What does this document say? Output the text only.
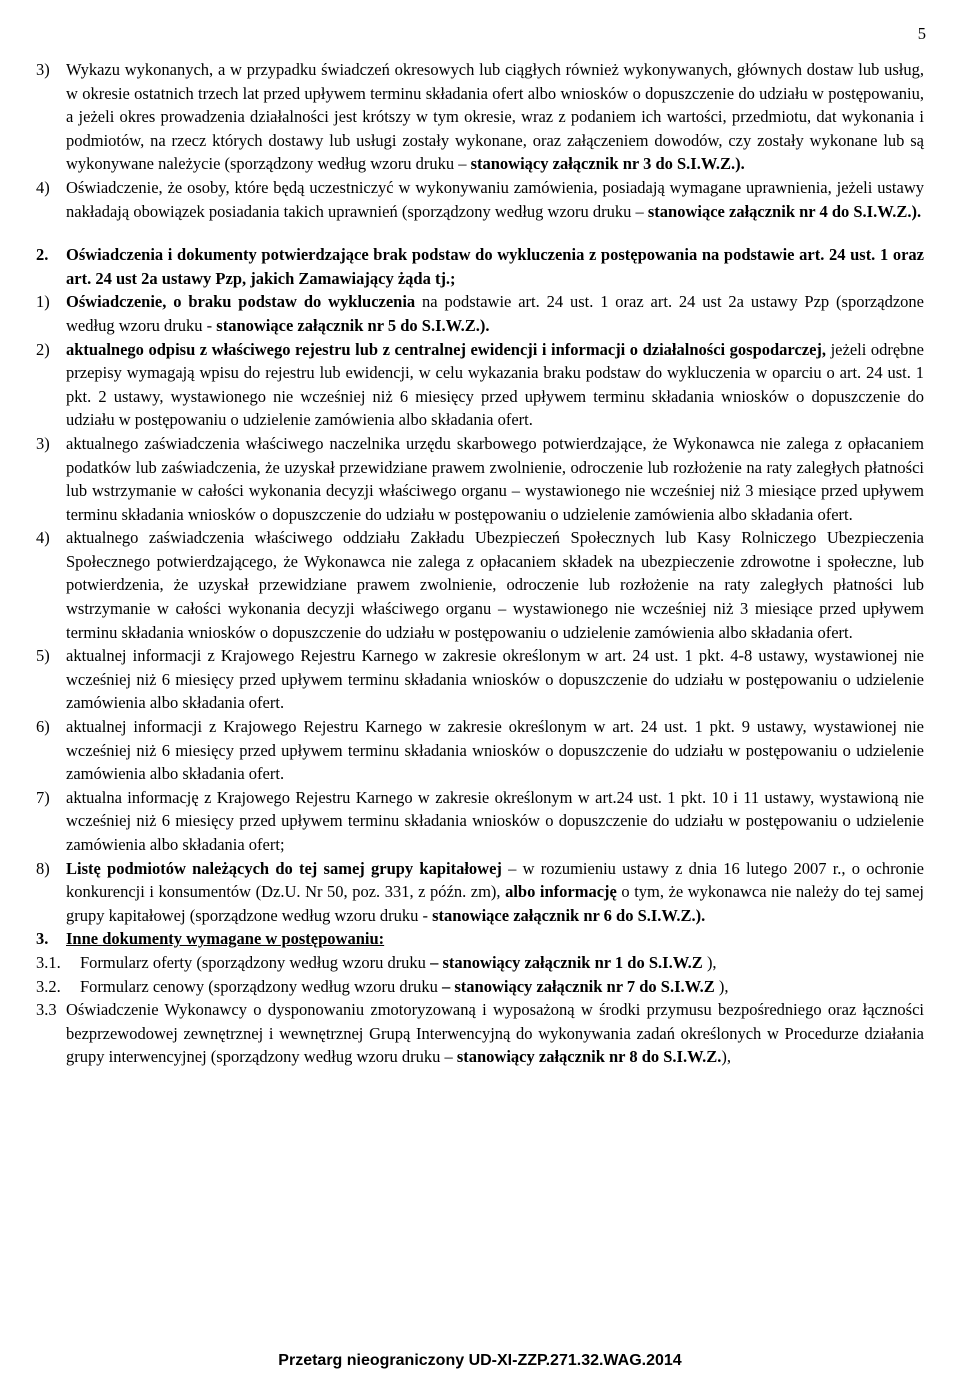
5
3) Wykazu wykonanych, a w przypadku świadczeń okresowych lub ciągłych również wykonywanych, głównych dostaw lub usług, w okresie ostatnich trzech lat przed upływem terminu składania ofert albo wniosków o dopuszczenie do udziału w postępowaniu, a jeżeli okres prowadzenia działalności jest krótszy w tym okresie, wraz z podaniem ich wartości, przedmiotu, dat wykonania i podmiotów, na rzecz których dostawy lub usługi zostały wykonane, oraz załączeniem dowodów, czy zostały wykonane lub są wykonywane należycie (sporządzony według wzoru druku – stanowiący załącznik nr 3 do S.I.W.Z.).
4) Oświadczenie, że osoby, które będą uczestniczyć w wykonywaniu zamówienia, posiadają wymagane uprawnienia, jeżeli ustawy nakładają obowiązek posiadania takich uprawnień (sporządzony według wzoru druku – stanowiące załącznik nr 4 do S.I.W.Z.).
2.	Oświadczenia i dokumenty potwierdzające brak podstaw do wykluczenia z postępowania na podstawie art. 24 ust. 1 oraz art. 24 ust 2a ustawy Pzp, jakich Zamawiający żąda tj.;
1) Oświadczenie, o braku podstaw do wykluczenia na podstawie art. 24 ust. 1 oraz art. 24 ust 2a ustawy Pzp (sporządzone według wzoru druku - stanowiące załącznik nr 5 do S.I.W.Z.).
2) aktualnego odpisu z właściwego rejestru lub z centralnej ewidencji i informacji o działalności gospodarczej, jeżeli odrębne przepisy wymagają wpisu do rejestru lub ewidencji, w celu wykazania braku podstaw do wykluczenia w oparciu o art. 24 ust. 1 pkt. 2 ustawy, wystawionego nie wcześniej niż 6 miesięcy przed upływem terminu składania wniosków o dopuszczenie do udziału w postępowaniu o udzielenie zamówienia albo składania ofert.
3) aktualnego zaświadczenia właściwego naczelnika urzędu skarbowego potwierdzające, że Wykonawca nie zalega z opłacaniem podatków lub zaświadczenia, że uzyskał przewidziane prawem zwolnienie, odroczenie lub rozłożenie na raty zaległych płatności lub wstrzymanie w całości wykonania decyzji właściwego organu – wystawionego nie wcześniej niż 3 miesiące przed upływem terminu składania wniosków o dopuszczenie do udziału w postępowaniu o udzielenie zamówienia albo składania ofert.
4) aktualnego zaświadczenia właściwego oddziału Zakładu Ubezpieczeń Społecznych lub Kasy Rolniczego Ubezpieczenia Społecznego potwierdzającego, że Wykonawca nie zalega z opłacaniem składek na ubezpieczenie zdrowotne i społeczne, lub potwierdzenia, że uzyskał przewidziane prawem zwolnienie, odroczenie lub rozłożenie na raty zaległych płatności lub wstrzymanie w całości wykonania decyzji właściwego organu – wystawionego nie wcześniej niż 3 miesiące przed upływem terminu składania wniosków o dopuszczenie do udziału w postępowaniu o udzielenie zamówienia albo składania ofert.
5) aktualnej informacji z Krajowego Rejestru Karnego w zakresie określonym w art. 24 ust. 1 pkt. 4-8 ustawy, wystawionej nie wcześniej niż 6 miesięcy przed upływem terminu składania wniosków o dopuszczenie do udziału w postępowaniu o udzielenie zamówienia albo składania ofert.
6) aktualnej informacji z Krajowego Rejestru Karnego w zakresie określonym w art. 24 ust. 1 pkt. 9 ustawy, wystawionej nie wcześniej niż 6 miesięcy przed upływem terminu składania wniosków o dopuszczenie do udziału w postępowaniu o udzielenie zamówienia albo składania ofert.
7) aktualna informację z Krajowego Rejestru Karnego w zakresie określonym w art.24 ust. 1 pkt. 10 i 11 ustawy, wystawioną nie wcześniej niż 6 miesięcy przed upływem terminu składania wniosków o dopuszczenie do udziału w postępowaniu o udzielenie zamówienia albo składania ofert;
8) Listę podmiotów należących do tej samej grupy kapitałowej – w rozumieniu ustawy z dnia 16 lutego 2007 r., o ochronie konkurencji i konsumentów (Dz.U. Nr 50, poz. 331, z późn. zm), albo informację o tym, że wykonawca nie należy do tej samej grupy kapitałowej (sporządzone według wzoru druku - stanowiące załącznik nr 6 do S.I.W.Z.).
3.	Inne dokumenty wymagane w postępowaniu:
3.1.	Formularz oferty (sporządzony według wzoru druku – stanowiący załącznik nr 1 do S.I.W.Z ),
3.2.	Formularz cenowy (sporządzony według wzoru druku – stanowiący załącznik nr 7 do S.I.W.Z ),
3.3 Oświadczenie Wykonawcy o dysponowaniu zmotoryzowaną i wyposażoną w środki przymusu bezpośredniego oraz łączności bezprzewodowej zewnętrznej i wewnętrznej Grupą Interwencyjną do wykonywania zadań określonych w Procedurze działania grupy interwencyjnej (sporządzony według wzoru druku – stanowiący załącznik nr 8 do S.I.W.Z.),
Przetarg nieograniczony UD-XI-ZZP.271.32.WAG.2014
